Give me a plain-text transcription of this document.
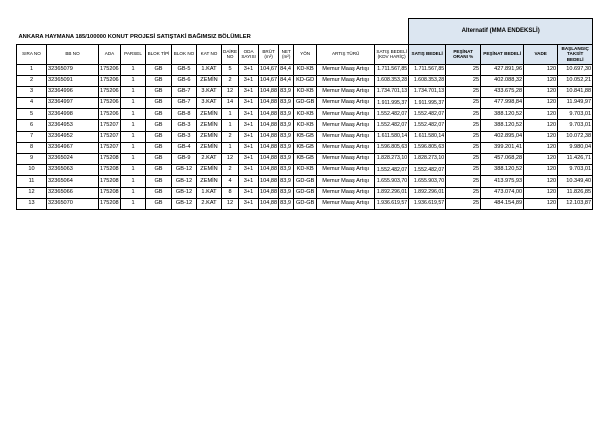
ANKARA HAYMANA 185/100000 KONUT PROJESİ SATIŞTAKİ BAĞIMSIZ BÖLÜMLER														Alternatif (MMA ENDEKSLİ)				
SIRA NO	BB NO	ADA	PARSEL	BLOK TİPİ	BLOK NO	KAT NO	DAİRE NO	ODA SAYISI	BRÜT (m²)	NET (m²)	YÖN	ARTIŞ TÜRÜ	SATIŞ BEDELİ (KDV HARİÇ)	SATIŞ BEDELİ	PEŞİNAT ORANI %	PEŞİNAT BEDELİ	VADE	BAŞLANGIÇ TAKSİT BEDELİ
1	32365079	175206	1	GB	GB-5	1.KAT	5	3+1	104,67	84,4	KD-KB	Memur Maaş Artışı	1.711.567,85	1.711.567,85	25	427.891,96	120	10.697,30
2	32365091	175206	1	GB	GB-6	ZEMİN	2	3+1	104,67	84,4	KD-GD	Memur Maaş Artışı	1.608.353,28	1.608.353,28	25	402.088,32	120	10.052,21
3	32364996	175206	1	GB	GB-7	3.KAT	12	3+1	104,88	83,9	KD-KB	Memur Maaş Artışı	1.734.701,13	1.734.701,13	25	433.675,28	120	10.841,88
4	32364997	175206	1	GB	GB-7	3.KAT	14	3+1	104,88	83,9	GD-GB	Memur Maaş Artışı	1.911.995,37	1.911.995,37	25	477.998,84	120	11.949,97
5	32364998	175206	1	GB	GB-8	ZEMİN	1	3+1	104,88	83,9	KD-KB	Memur Maaş Artışı	1.552.482,07	1.552.482,07	25	388.120,52	120	9.703,01
6	32364953	175207	1	GB	GB-3	ZEMİN	1	3+1	104,88	83,9	KD-KB	Memur Maaş Artışı	1.552.482,07	1.552.482,07	25	388.120,52	120	9.703,01
7	32364952	175207	1	GB	GB-3	ZEMİN	2	3+1	104,88	83,9	KB-GB	Memur Maaş Artışı	1.611.580,14	1.611.580,14	25	402.895,04	120	10.072,38
8	32364967	175207	1	GB	GB-4	ZEMİN	1	3+1	104,88	83,9	KB-GB	Memur Maaş Artışı	1.596.805,63	1.596.805,63	25	399.201,41	120	9.980,04
9	32365024	175208	1	GB	GB-9	2.KAT	12	3+1	104,88	83,9	KB-GB	Memur Maaş Artışı	1.828.273,10	1.828.273,10	25	457.068,28	120	11.426,71
10	32365063	175208	1	GB	GB-12	ZEMİN	2	3+1	104,88	83,9	KD-KB	Memur Maaş Artışı	1.552.482,07	1.552.482,07	25	388.120,52	120	9.703,01
11	32365064	175208	1	GB	GB-12	ZEMİN	4	3+1	104,88	83,9	GD-GB	Memur Maaş Artışı	1.655.903,70	1.655.903,70	25	413.975,93	120	10.349,40
12	32365066	175208	1	GB	GB-12	1.KAT	8	3+1	104,88	83,9	GD-GB	Memur Maaş Artışı	1.892.296,01	1.892.296,01	25	473.074,00	120	11.826,85
13	32365070	175208	1	GB	GB-12	2.KAT	12	3+1	104,88	83,9	GD-GB	Memur Maaş Artışı	1.936.619,57	1.936.619,57	25	484.154,89	120	12.103,87
